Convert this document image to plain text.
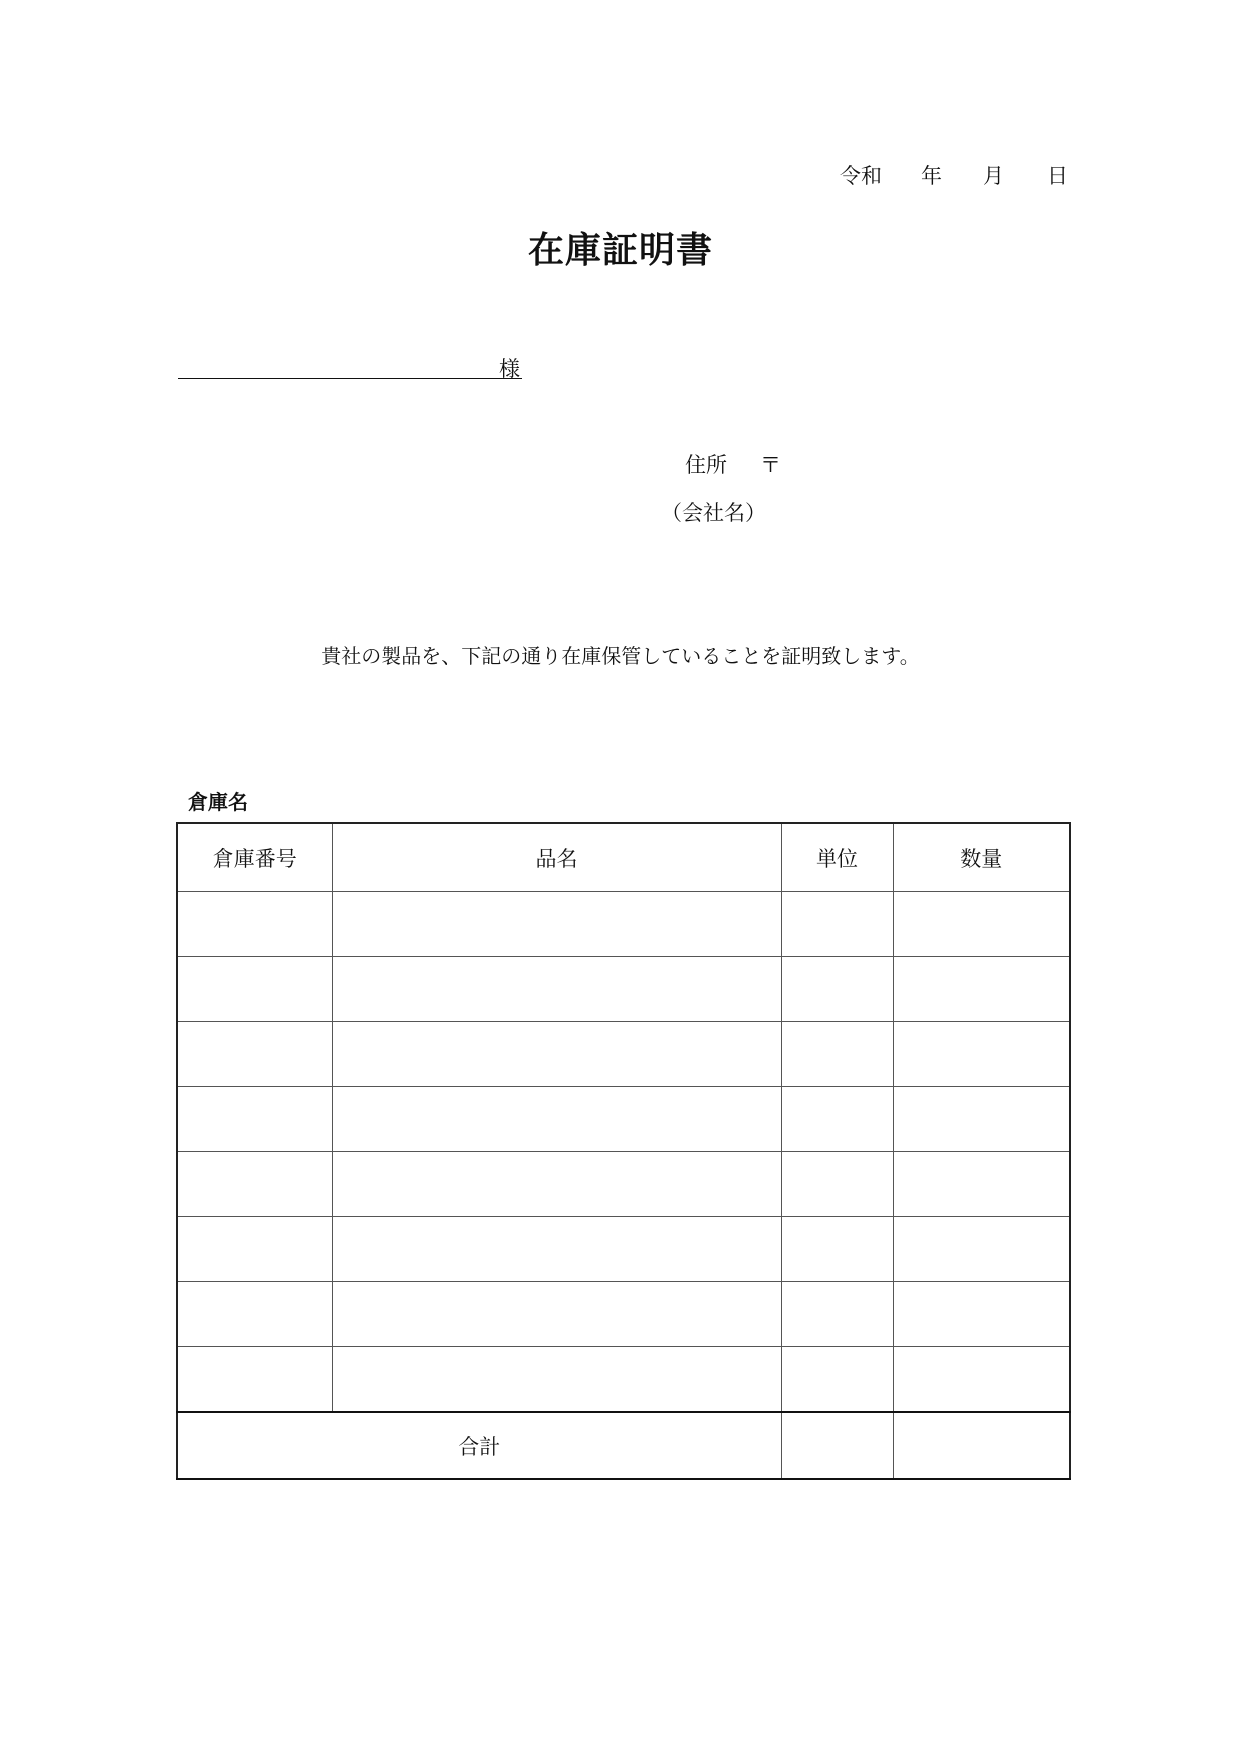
令和 年 月 日
在庫証明書
様
住所 〒
（会社名）
貴社の製品を、下記の通り在庫保管していることを証明致します。
倉庫名
倉庫番号	品名	単位	数量

合計			
